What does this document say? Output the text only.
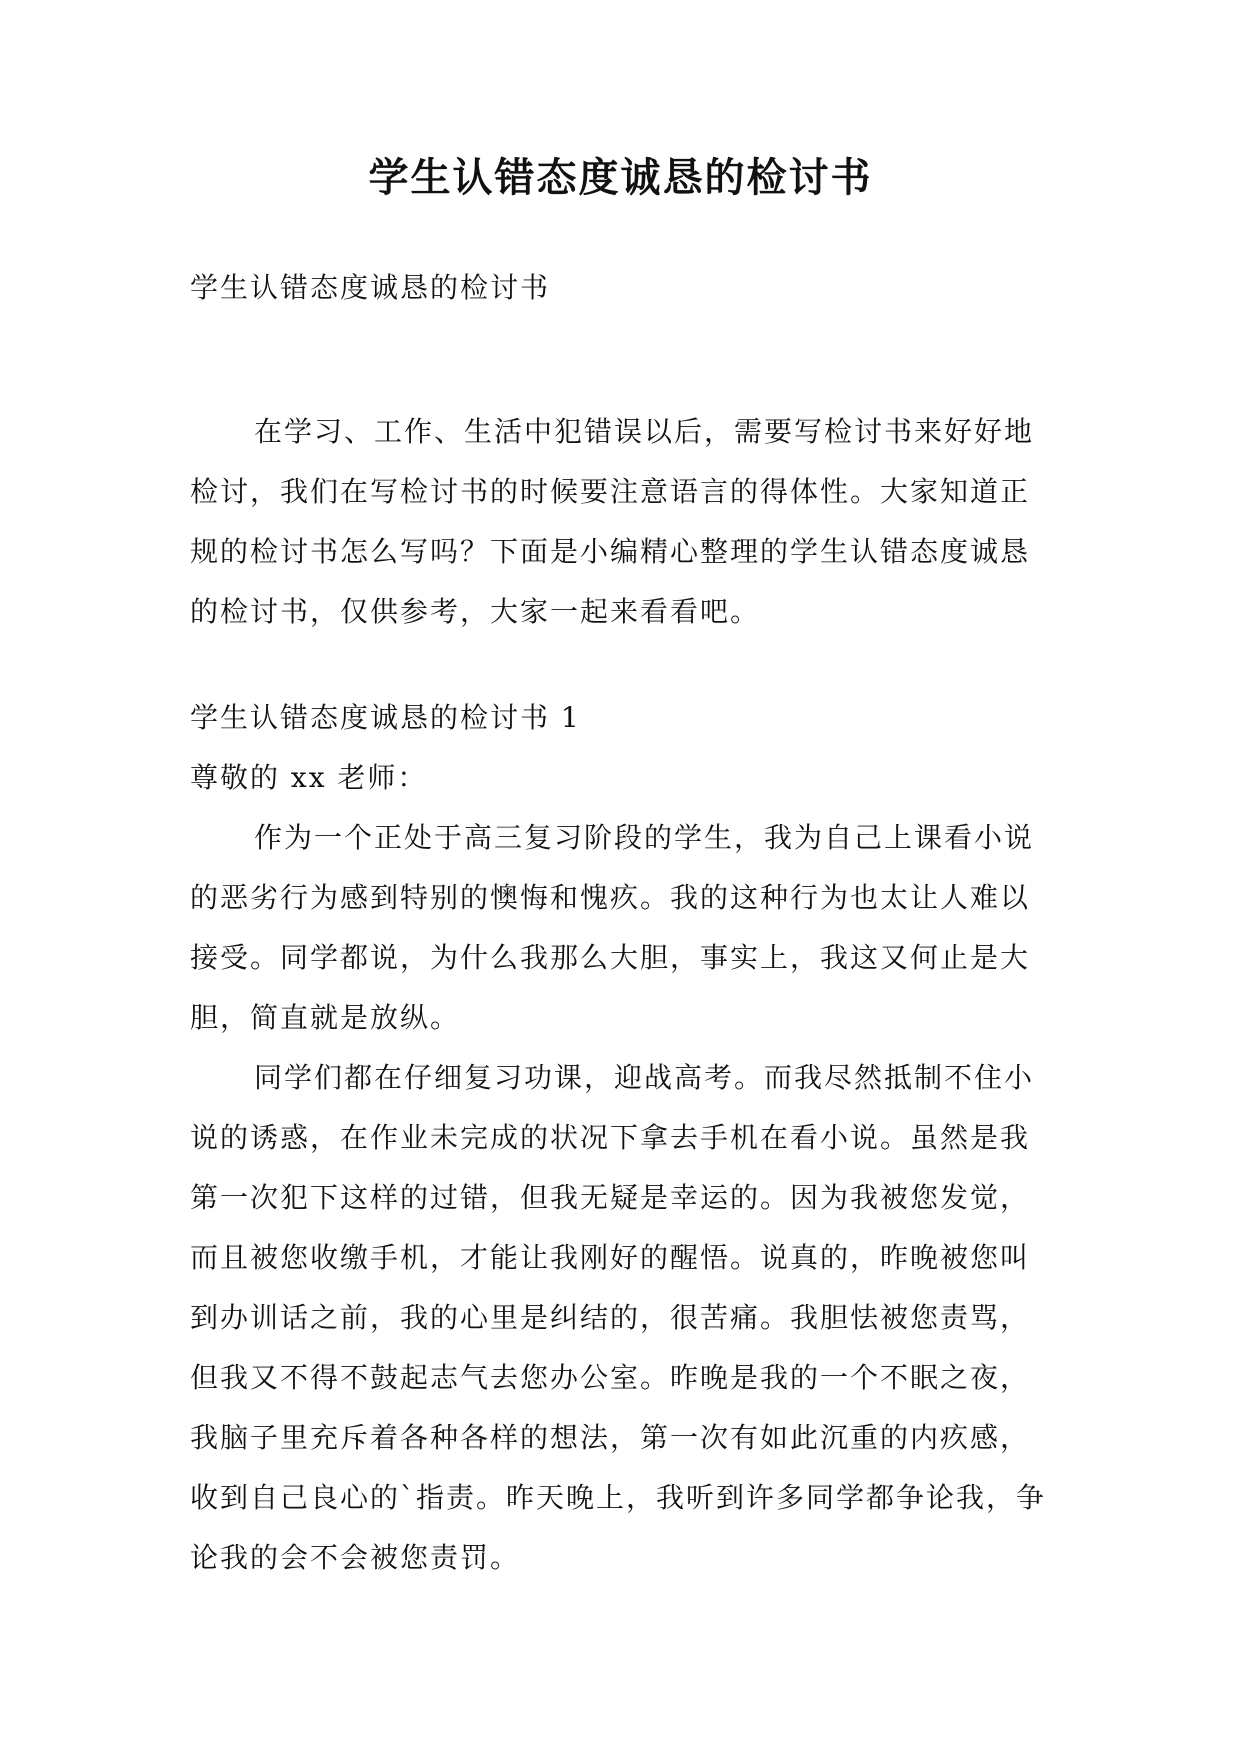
学生认错态度诚恳的检讨书

学生认错态度诚恳的检讨书

在学习、工作、生活中犯错误以后，需要写检讨书来好好地检讨，我们在写检讨书的时候要注意语言的得体性。大家知道正规的检讨书怎么写吗？下面是小编精心整理的学生认错态度诚恳的检讨书，仅供参考，大家一起来看看吧。

学生认错态度诚恳的检讨书 1

尊敬的 xx 老师：

作为一个正处于高三复习阶段的学生，我为自己上课看小说的恶劣行为感到特别的懊悔和愧疚。我的这种行为也太让人难以接受。同学都说，为什么我那么大胆，事实上，我这又何止是大胆，简直就是放纵。

同学们都在仔细复习功课，迎战高考。而我尽然抵制不住小说的诱惑，在作业未完成的状况下拿去手机在看小说。虽然是我第一次犯下这样的过错，但我无疑是幸运的。因为我被您发觉，而且被您收缴手机，才能让我刚好的醒悟。说真的，昨晚被您叫到办训话之前，我的心里是纠结的，很苦痛。我胆怯被您责骂，但我又不得不鼓起志气去您办公室。昨晚是我的一个不眠之夜，我脑子里充斥着各种各样的想法，第一次有如此沉重的内疚感，收到自己良心的`指责。昨天晚上，我听到许多同学都争论我，争论我的会不会被您责罚。
